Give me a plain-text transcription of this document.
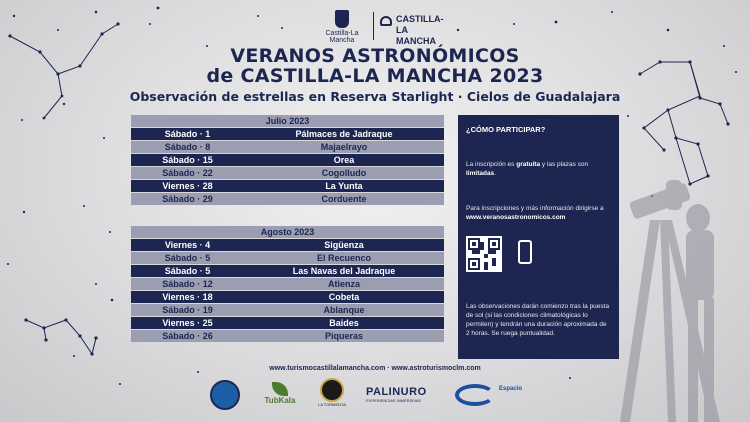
Castilla-La Mancha
CASTILLA-
LA MANCHA
VERANOS ASTRONÓMICOS
de CASTILLA-LA MANCHA 2023
Observación de estrellas en Reserva Starlight · Cielos de Guadalajara
Julio 2023
Sábado · 1	Pálmaces de Jadraque
Sábado · 8	Majaelrayo
Sábado · 15	Orea
Sábado · 22	Cogolludo
Viernes · 28	La Yunta
Sábado · 29	Corduente
Agosto 2023
Viernes · 4	Sigüenza
Sábado · 5	El Recuenco
Sábado · 5	Las Navas del Jadraque
Sábado · 12	Atienza
Viernes · 18	Cobeta
Sábado · 19	Ablanque
Viernes · 25	Baides
Sábado · 26	Piqueras
¿CÓMO PARTICIPAR?

La inscripción es gratuita y las plazas son limitadas.

Para inscripciones y más información dirigirse a www.veranosastronomicos.com

Las observaciones darán comienzo tras la puesta de sol (si las condiciones climatológicas lo permiten) y tendrán una duración aproximada de 2 horas. Se ruega puntualidad.

www.turismocastillalamancha.com · www.astroturismoclm.com
TubKala	LA TORMENTA
PALINURO
EXPERIENCIAS INMERSIVAS
Espacio
